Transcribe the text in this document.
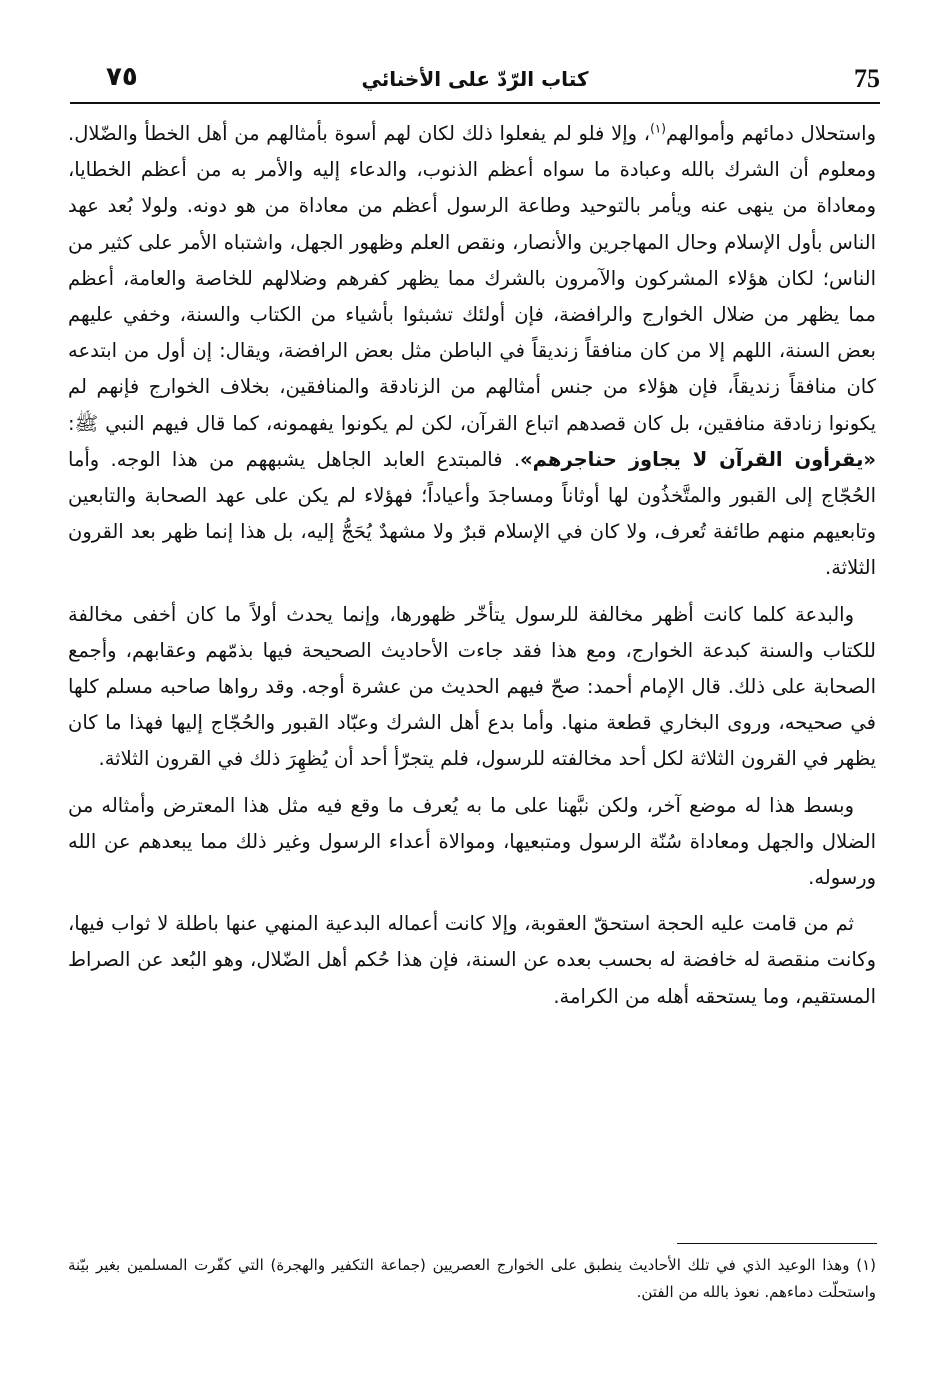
75
كتاب الرّدّ على الأخنائي
٧٥

واستحلال دمائهم وأموالهم$^{(١)}$، وإلا فلو لم يفعلوا ذلك لكان لهم أسوة بأمثالهم من أهل الخطأ والضّلال. ومعلوم أن الشرك بالله وعبادة ما سواه أعظم الذنوب، والدعاء إليه والأمر به من أعظم الخطايا، ومعاداة من ينهى عنه ويأمر بالتوحيد وطاعة الرسول أعظم من معاداة من هو دونه. ولولا بُعد عهد الناس بأول الإسلام وحال المهاجرين والأنصار، ونقص العلم وظهور الجهل، واشتباه الأمر على كثير من الناس؛ لكان هؤلاء المشركون والآمرون بالشرك مما يظهر كفرهم وضلالهم للخاصة والعامة، أعظم مما يظهر من ضلال الخوارج والرافضة، فإن أولئك تشبثوا بأشياء من الكتاب والسنة، وخفي عليهم بعض السنة، اللهم إلا من كان منافقاً زنديقاً في الباطن مثل بعض الرافضة، ويقال: إن أول من ابتدعه كان منافقاً زنديقاً، فإن هؤلاء من جنس أمثالهم من الزنادقة والمنافقين، بخلاف الخوارج فإنهم لم يكونوا زنادقة منافقين، بل كان قصدهم اتباع القرآن، لكن لم يكونوا يفهمونه، كما قال فيهم النبي ﷺ: «يقرأون القرآن لا يجاوز حناجرهم». فالمبتدع العابد الجاهل يشبههم من هذا الوجه. وأما الحُجّاج إلى القبور والمتَّخذُون لها أوثاناً ومساجدَ وأعياداً؛ فهؤلاء لم يكن على عهد الصحابة والتابعين وتابعيهم منهم طائفة تُعرف، ولا كان في الإسلام قبرٌ ولا مشهدٌ يُحَجُّ إليه، بل هذا إنما ظهر بعد القرون الثلاثة.

والبدعة كلما كانت أظهر مخالفة للرسول يتأخّر ظهورها، وإنما يحدث أولاً ما كان أخفى مخالفة للكتاب والسنة كبدعة الخوارج، ومع هذا فقد جاءت الأحاديث الصحيحة فيها بذمّهم وعقابهم، وأجمع الصحابة على ذلك. قال الإمام أحمد: صحّ فيهم الحديث من عشرة أوجه. وقد رواها صاحبه مسلم كلها في صحيحه، وروى البخاري قطعة منها. وأما بدع أهل الشرك وعبّاد القبور والحُجّاج إليها فهذا ما كان يظهر في القرون الثلاثة لكل أحد مخالفته للرسول، فلم يتجرّأ أحد أن يُظهِرَ ذلك في القرون الثلاثة.

وبسط هذا له موضع آخر، ولكن نبَّهنا على ما به يُعرف ما وقع فيه مثل هذا المعترض وأمثاله من الضلال والجهل ومعاداة سُنّة الرسول ومتبعيها، وموالاة أعداء الرسول وغير ذلك مما يبعدهم عن الله ورسوله.

ثم من قامت عليه الحجة استحقّ العقوبة، وإلا كانت أعماله البدعية المنهي عنها باطلة لا ثواب فيها، وكانت منقصة له خافضة له بحسب بعده عن السنة، فإن هذا حُكم أهل الضّلال، وهو البُعد عن الصراط المستقيم، وما يستحقه أهله من الكرامة.

(١) وهذا الوعيد الذي في تلك الأحاديث ينطبق على الخوارج العصريين (جماعة التكفير والهجرة) التي كفّرت المسلمين بغير بيّنة واستحلّت دماءهم. نعوذ بالله من الفتن.
